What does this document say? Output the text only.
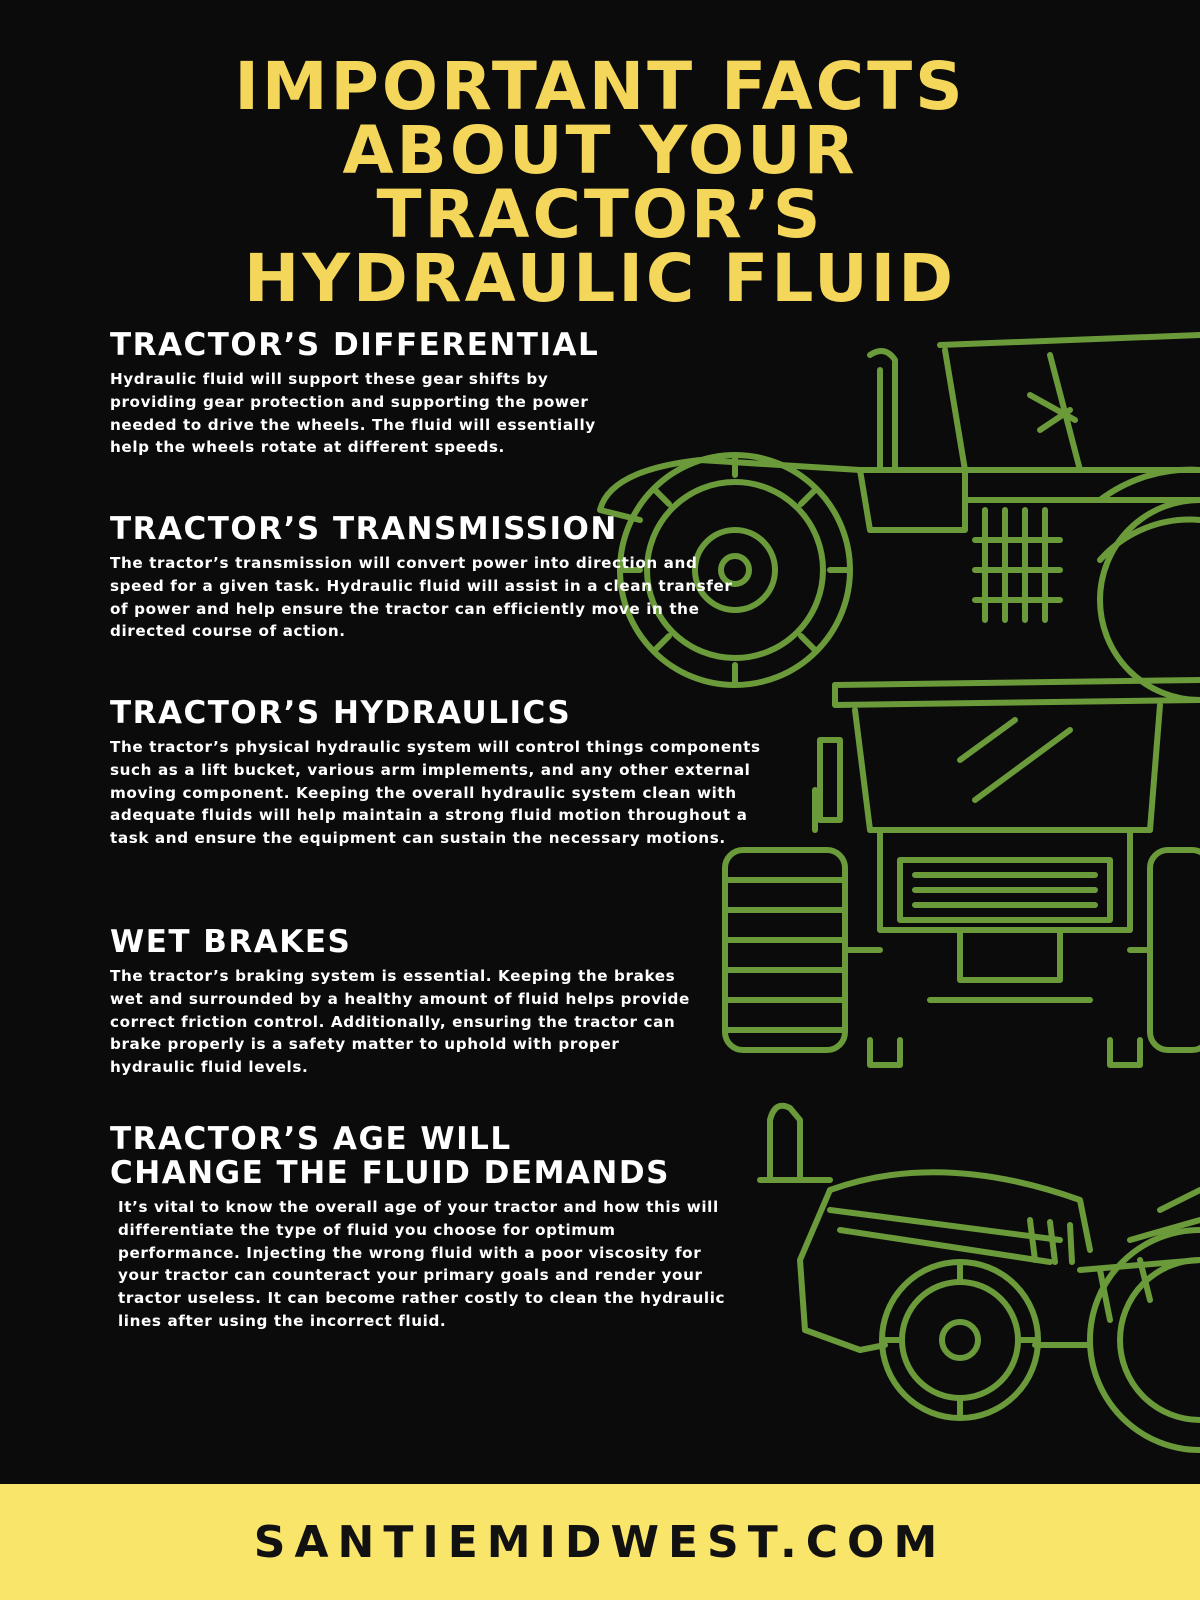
IMPORTANT FACTS
ABOUT YOUR
TRACTOR’S
HYDRAULIC FLUID
TRACTOR’S DIFFERENTIAL

Hydraulic fluid will support these gear shifts by providing gear protection and supporting the power needed to drive the wheels. The fluid will essentially help the wheels rotate at different speeds.

TRACTOR’S TRANSMISSION

The tractor’s transmission will convert power into direction and speed for a given task. Hydraulic fluid will assist in a clean transfer of power and help ensure the tractor can efficiently move in the directed course of action.

TRACTOR’S HYDRAULICS

The tractor’s physical hydraulic system will control things components such as a lift bucket, various arm implements, and any other external moving component. Keeping the overall hydraulic system clean with adequate fluids will help maintain a strong fluid motion throughout a task and ensure the equipment can sustain the necessary motions.

WET BRAKES

The tractor’s braking system is essential. Keeping the brakes wet and surrounded by a healthy amount of fluid helps provide correct friction control. Additionally, ensuring the tractor can brake properly is a safety matter to uphold with proper hydraulic fluid levels.

TRACTOR’S AGE WILL
CHANGE THE FLUID DEMANDS

It’s vital to know the overall age of your tractor and how this will differentiate the type of fluid you choose for optimum performance. Injecting the wrong fluid with a poor viscosity for your tractor can counteract your primary goals and render your tractor useless. It can become rather costly to clean the hydraulic lines after using the incorrect fluid.

SANTIEMIDWEST.COM
